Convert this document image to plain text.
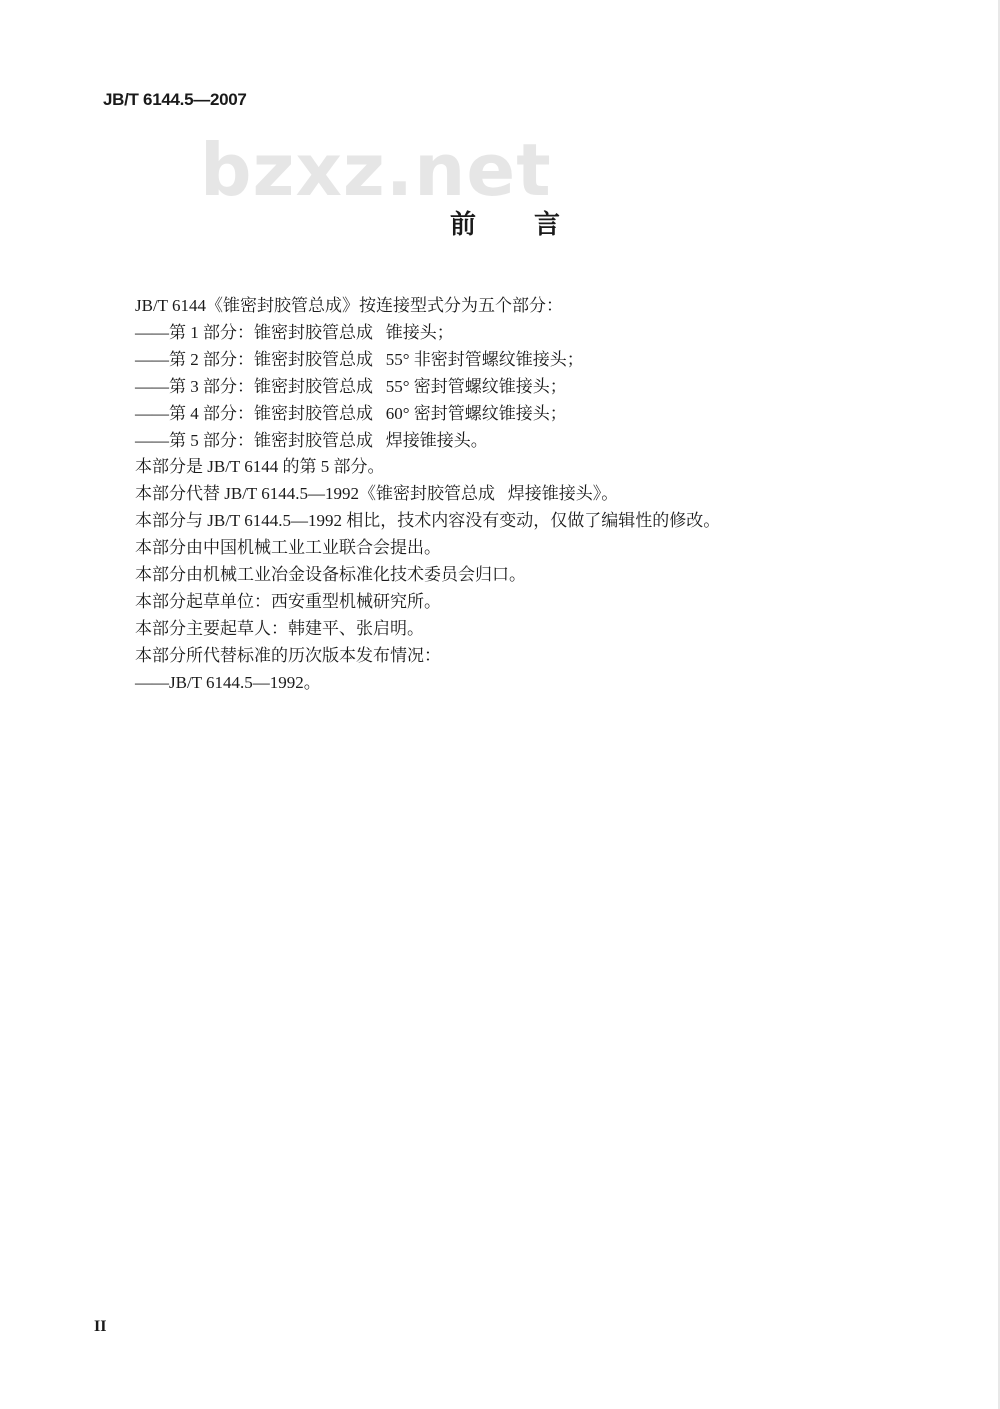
JB/T 6144.5—2007
bzxz.net
前言
JB/T 6144《锥密封胶管总成》按连接型式分为五个部分：
——第 1 部分：锥密封胶管总成   锥接头；
——第 2 部分：锥密封胶管总成   55° 非密封管螺纹锥接头；
——第 3 部分：锥密封胶管总成   55° 密封管螺纹锥接头；
——第 4 部分：锥密封胶管总成   60° 密封管螺纹锥接头；
——第 5 部分：锥密封胶管总成   焊接锥接头。
本部分是 JB/T 6144 的第 5 部分。
本部分代替 JB/T 6144.5—1992《锥密封胶管总成   焊接锥接头》。
本部分与 JB/T 6144.5—1992 相比，技术内容没有变动，仅做了编辑性的修改。
本部分由中国机械工业工业联合会提出。
本部分由机械工业冶金设备标准化技术委员会归口。
本部分起草单位：西安重型机械研究所。
本部分主要起草人：韩建平、张启明。
本部分所代替标准的历次版本发布情况：
——JB/T 6144.5—1992。
II
